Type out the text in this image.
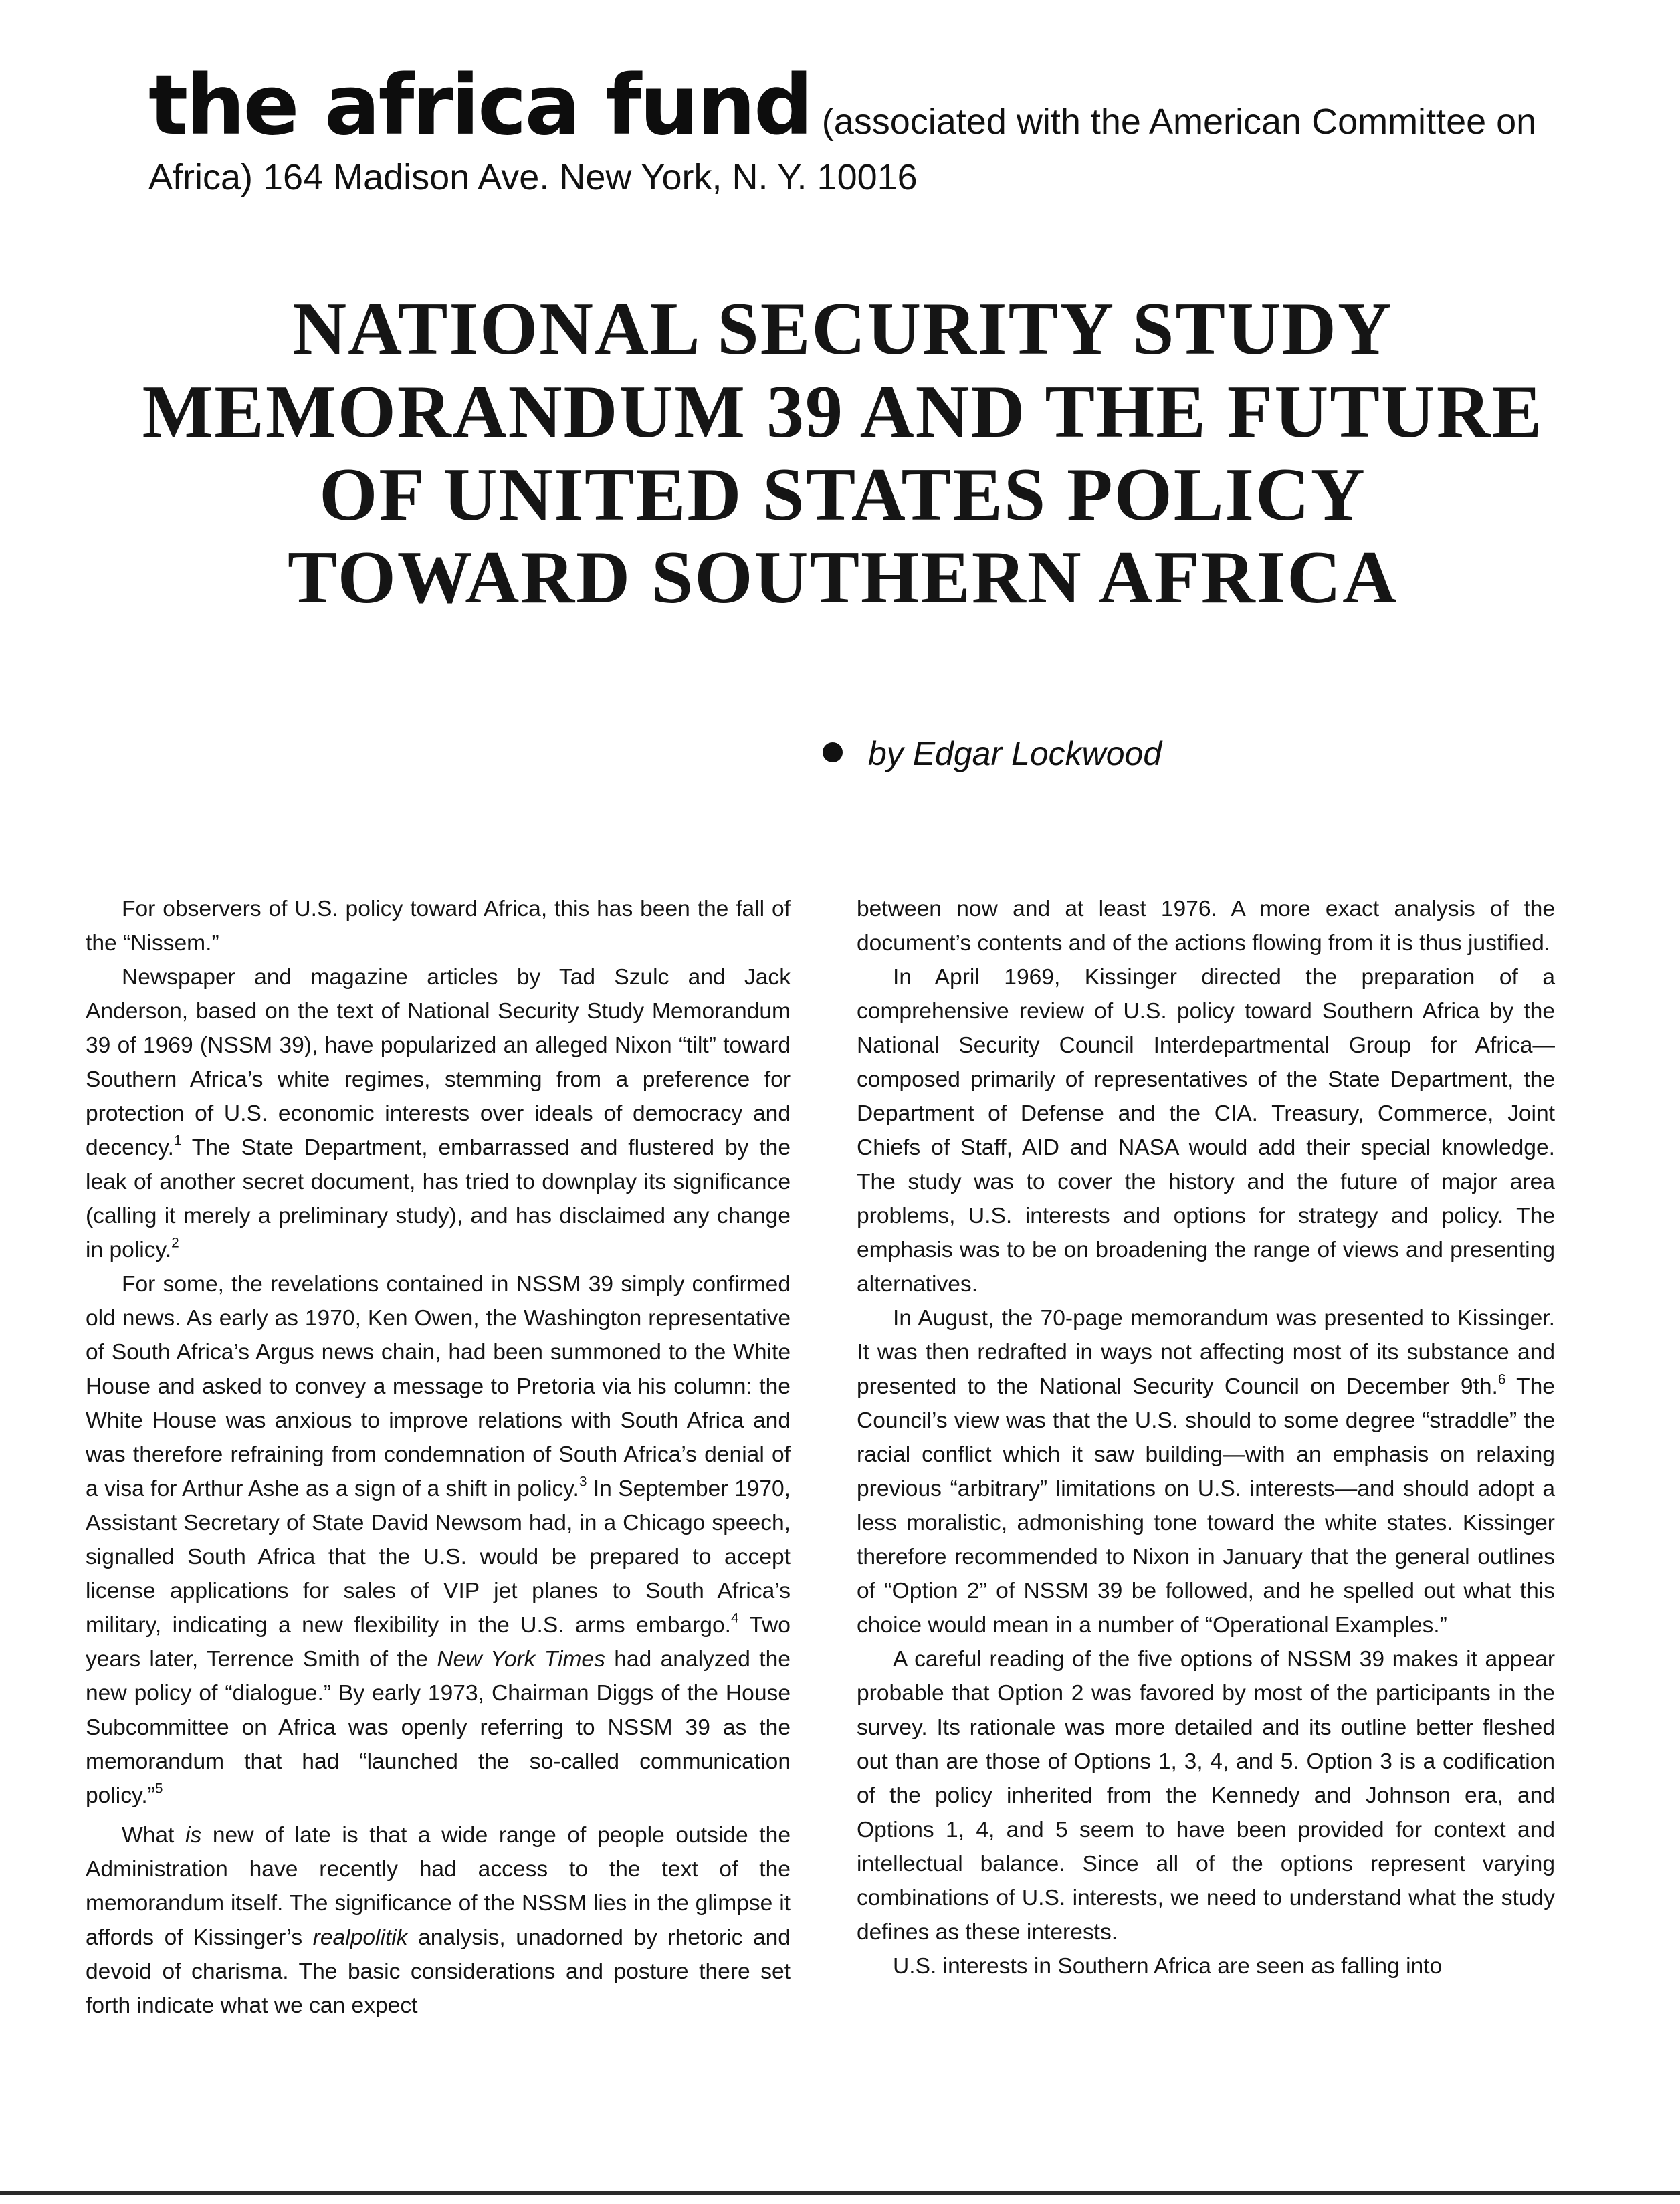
the africa fund (associated with the American Committee on
Africa) 164 Madison Ave. New York, N. Y. 10016
NATIONAL SECURITY STUDY
MEMORANDUM 39 AND THE FUTURE
OF UNITED STATES POLICY
TOWARD SOUTHERN AFRICA
by Edgar Lockwood

For observers of U.S. policy toward Africa, this has been the fall of the “Nissem.”

Newspaper and magazine articles by Tad Szulc and Jack Anderson, based on the text of National Security Study Memorandum 39 of 1969 (NSSM 39), have popularized an alleged Nixon “tilt” toward Southern Africa’s white regimes, stemming from a preference for protection of U.S. economic interests over ideals of democracy and decency.$^1$ The State Department, embarrassed and flustered by the leak of another secret document, has tried to downplay its significance (calling it merely a preliminary study), and has disclaimed any change in policy.$^2$

For some, the revelations contained in NSSM 39 simply confirmed old news. As early as 1970, Ken Owen, the Washington representative of South Africa’s Argus news chain, had been summoned to the White House and asked to convey a message to Pretoria via his column: the White House was anxious to improve relations with South Africa and was therefore refraining from condemnation of South Africa’s denial of a visa for Arthur Ashe as a sign of a shift in policy.$^3$ In September 1970, Assistant Secretary of State David Newsom had, in a Chicago speech, signalled South Africa that the U.S. would be prepared to accept license applications for sales of VIP jet planes to South Africa’s military, indicating a new flexibility in the U.S. arms embargo.$^4$ Two years later, Terrence Smith of the New York Times had analyzed the new policy of “dialogue.” By early 1973, Chairman Diggs of the House Subcommittee on Africa was openly referring to NSSM 39 as the memorandum that had “launched the so-called communication policy.”$^5$

What is new of late is that a wide range of people outside the Administration have recently had access to the text of the memorandum itself. The significance of the NSSM lies in the glimpse it affords of Kissinger’s realpolitik analysis, unadorned by rhetoric and devoid of charisma. The basic considerations and posture there set forth indicate what we can expect

between now and at least 1976. A more exact analysis of the document’s contents and of the actions flowing from it is thus justified.

In April 1969, Kissinger directed the preparation of a comprehensive review of U.S. policy toward Southern Africa by the National Security Council Interdepartmental Group for Africa—composed primarily of representatives of the State Department, the Department of Defense and the CIA. Treasury, Commerce, Joint Chiefs of Staff, AID and NASA would add their special knowledge. The study was to cover the history and the future of major area problems, U.S. interests and options for strategy and policy. The emphasis was to be on broadening the range of views and presenting alternatives.

In August, the 70-page memorandum was presented to Kissinger. It was then redrafted in ways not affecting most of its substance and presented to the National Security Council on December 9th.$^6$ The Council’s view was that the U.S. should to some degree “straddle” the racial conflict which it saw building—with an emphasis on relaxing previous “arbitrary” limitations on U.S. interests—and should adopt a less moralistic, admonishing tone toward the white states. Kissinger therefore recommended to Nixon in January that the general outlines of “Option 2” of NSSM 39 be followed, and he spelled out what this choice would mean in a number of “Operational Examples.”

A careful reading of the five options of NSSM 39 makes it appear probable that Option 2 was favored by most of the participants in the survey. Its rationale was more detailed and its outline better fleshed out than are those of Options 1, 3, 4, and 5. Option 3 is a codification of the policy inherited from the Kennedy and Johnson era, and Options 1, 4, and 5 seem to have been provided for context and intellectual balance. Since all of the options represent varying combinations of U.S. interests, we need to understand what the study defines as these interests.

U.S. interests in Southern Africa are seen as falling into
